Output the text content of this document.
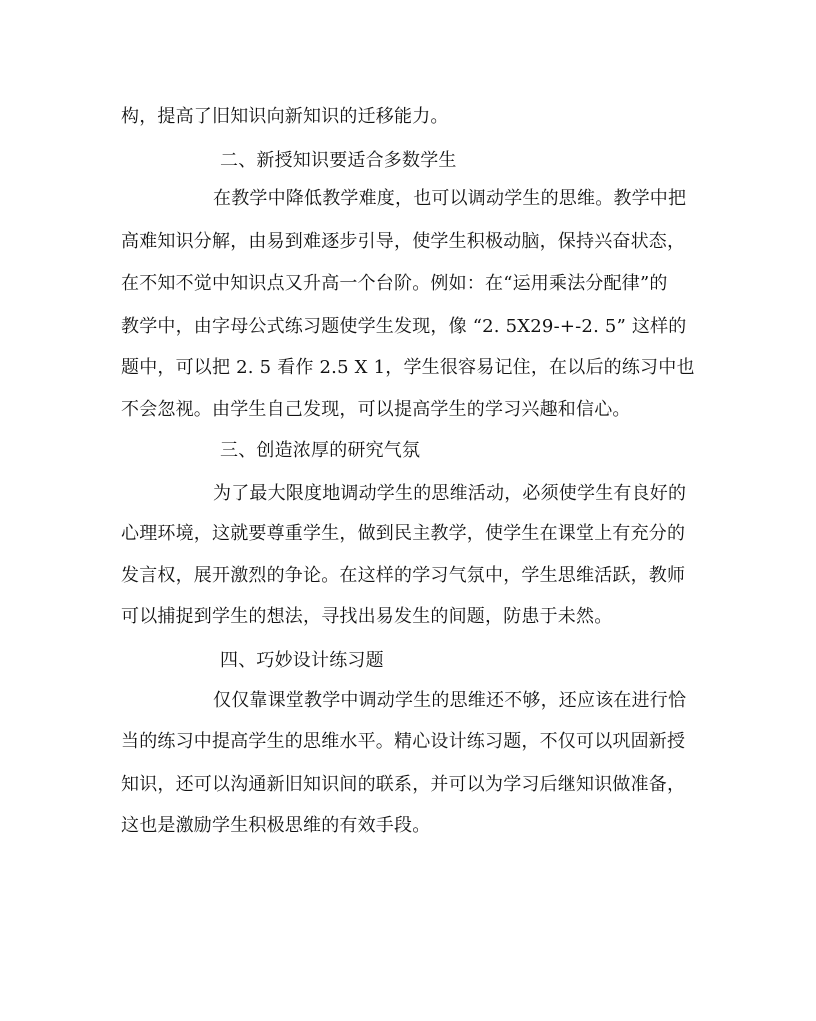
构，提高了旧知识向新知识的迁移能力。
二、新授知识要适合多数学生
在教学中降低教学难度，也可以调动学生的思维。教学中把
高难知识分解，由易到难逐步引导，使学生积极动脑，保持兴奋状态，
在不知不觉中知识点又升高一个台阶。例如：在“运用乘法分配律”的
教学中，由字母公式练习题使学生发现，像 “2. 5X29-+-2. 5” 这样的
题中，可以把 2. 5 看作 2.5 X 1，学生很容易记住，在以后的练习中也
不会忽视。由学生自己发现，可以提高学生的学习兴趣和信心。
三、创造浓厚的研究气氛
为了最大限度地调动学生的思维活动，必须使学生有良好的
心理环境，这就要尊重学生，做到民主教学，使学生在课堂上有充分的
发言权，展开激烈的争论。在这样的学习气氛中，学生思维活跃，教师
可以捕捉到学生的想法，寻找出易发生的间题，防患于未然。
四、巧妙设计练习题
仅仅靠课堂教学中调动学生的思维还不够，还应该在进行恰
当的练习中提高学生的思维水平。精心设计练习题，不仅可以巩固新授
知识，还可以沟通新旧知识间的联系，并可以为学习后继知识做准备，
这也是激励学生积极思维的有效手段。
